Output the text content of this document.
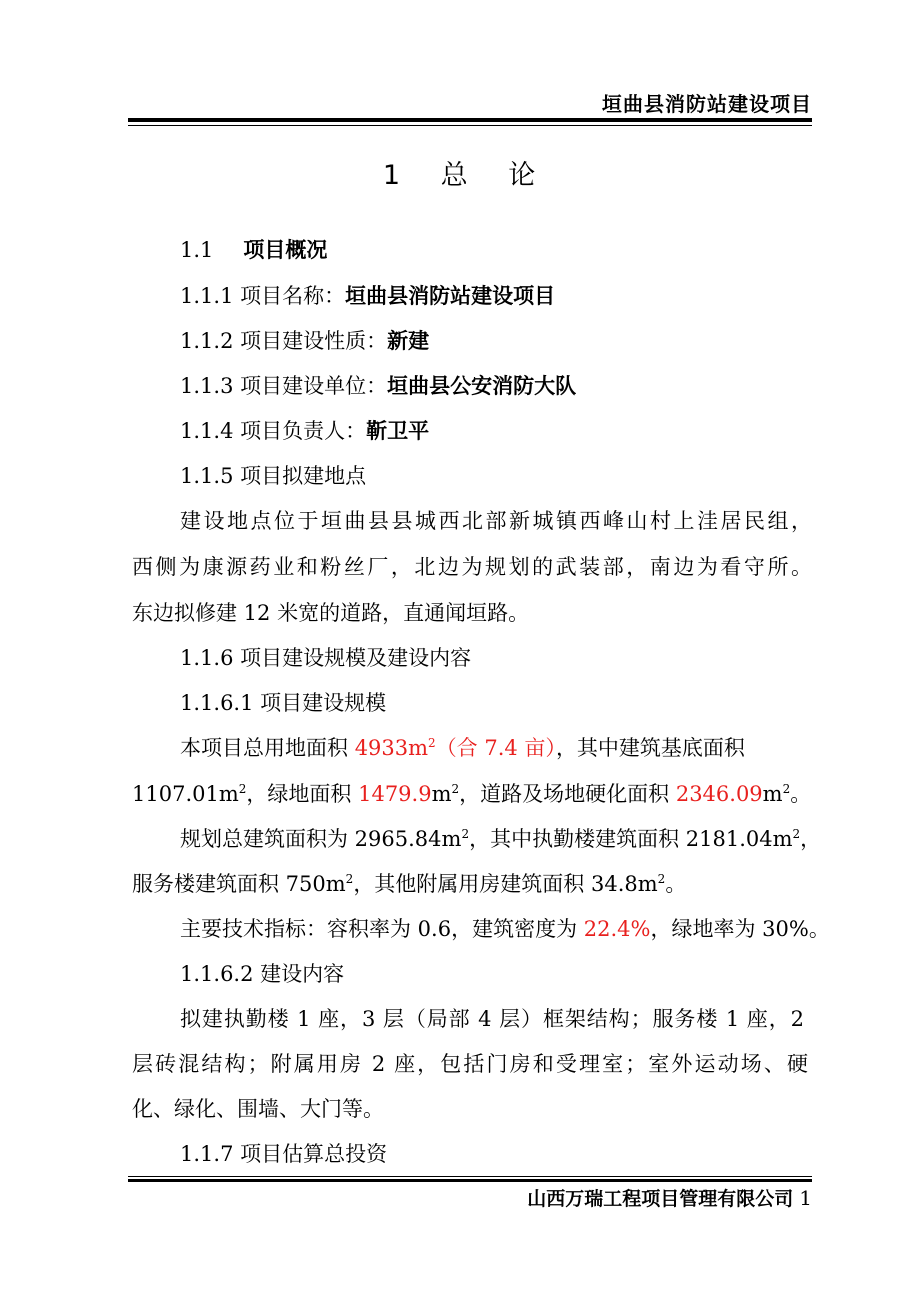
垣曲县消防站建设项目
1 总 论
1.1 项目概况
1.1.1 项目名称：垣曲县消防站建设项目
1.1.2 项目建设性质：新建
1.1.3 项目建设单位：垣曲县公安消防大队
1.1.4 项目负责人：靳卫平
1.1.5 项目拟建地点
建设地点位于垣曲县县城西北部新城镇西峰山村上洼居民组，
西侧为康源药业和粉丝厂，北边为规划的武装部，南边为看守所。
东边拟修建 12 米宽的道路，直通闻垣路。
1.1.6 项目建设规模及建设内容
1.1.6.1 项目建设规模
本项目总用地面积 $4933m^2$（合 7.4 亩），其中建筑基底面积
$1107.01m^2$，绿地面积 $1479.9m^2$，道路及场地硬化面积 $2346.09m^2$。
规划总建筑面积为 $2965.84m^2$，其中执勤楼建筑面积 $2181.04m^2$，
服务楼建筑面积 $750m^2$，其他附属用房建筑面积 $34.8m^2$。
主要技术指标：容积率为 0.6，建筑密度为 22.4%，绿地率为 30%。
1.1.6.2 建设内容
拟建执勤楼 1 座，3 层（局部 4 层）框架结构；服务楼 1 座，2
层砖混结构；附属用房 2 座，包括门房和受理室；室外运动场、硬
化、绿化、围墙、大门等。
1.1.7 项目估算总投资
山西万瑞工程项目管理有限公司 1
